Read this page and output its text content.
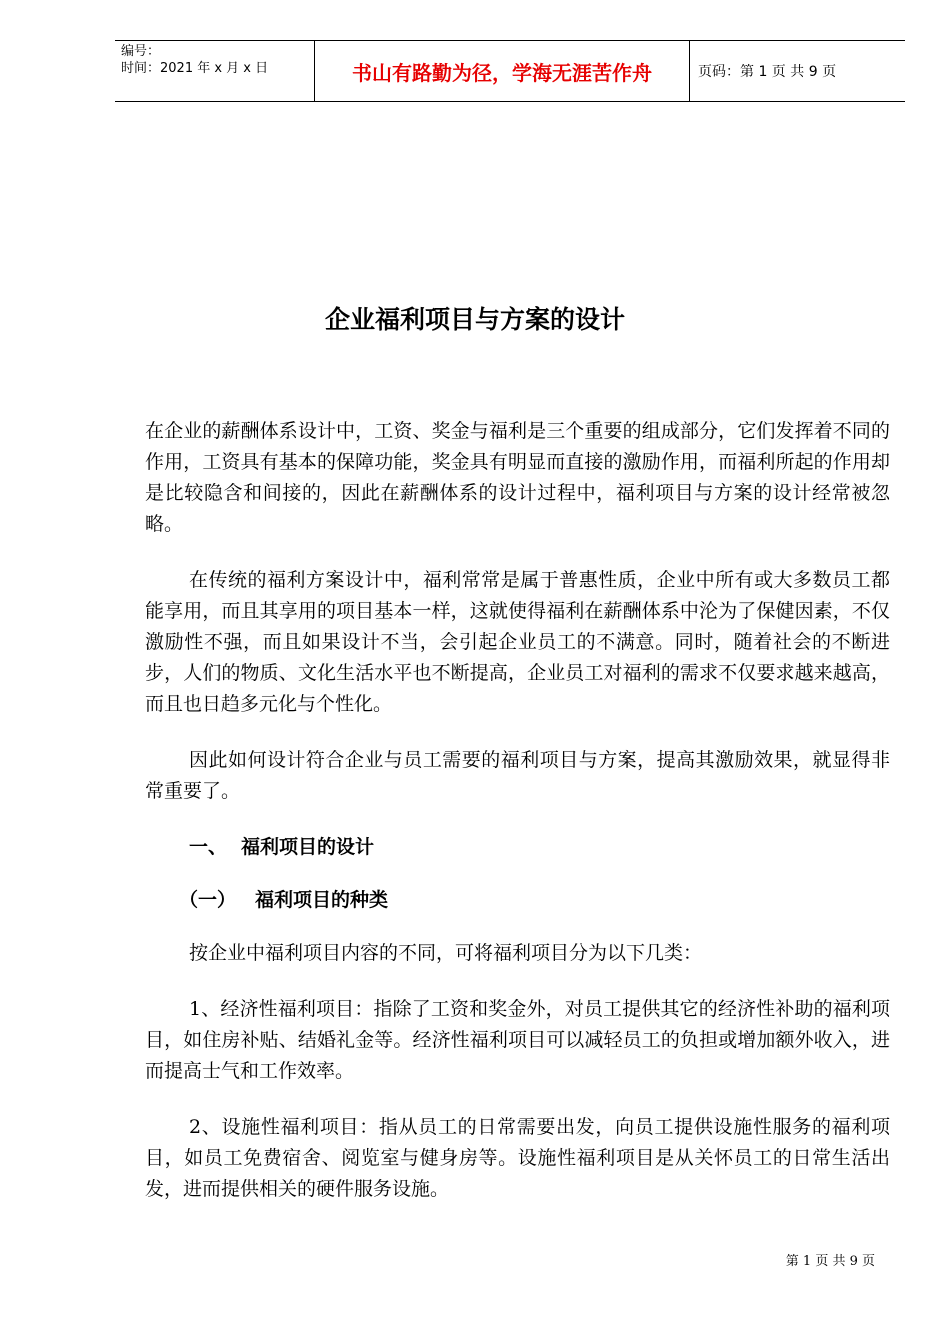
编号：
时间：2021 年 x 月 x 日	书山有路勤为径，学海无涯苦作舟	页码：第 1 页 共 9 页
企业福利项目与方案的设计

在企业的薪酬体系设计中，工资、奖金与福利是三个重要的组成部分，它们发挥着不同的作用，工资具有基本的保障功能，奖金具有明显而直接的激励作用，而福利所起的作用却是比较隐含和间接的，因此在薪酬体系的设计过程中，福利项目与方案的设计经常被忽略。

在传统的福利方案设计中，福利常常是属于普惠性质，企业中所有或大多数员工都能享用，而且其享用的项目基本一样，这就使得福利在薪酬体系中沦为了保健因素，不仅激励性不强，而且如果设计不当，会引起企业员工的不满意。同时，随着社会的不断进步，人们的物质、文化生活水平也不断提高，企业员工对福利的需求不仅要求越来越高，而且也日趋多元化与个性化。

因此如何设计符合企业与员工需要的福利项目与方案，提高其激励效果，就显得非常重要了。

一、 福利项目的设计
（一） 福利项目的种类

按企业中福利项目内容的不同，可将福利项目分为以下几类：

1、经济性福利项目：指除了工资和奖金外，对员工提供其它的经济性补助的福利项目，如住房补贴、结婚礼金等。经济性福利项目可以减轻员工的负担或增加额外收入，进而提高士气和工作效率。

2、设施性福利项目：指从员工的日常需要出发，向员工提供设施性服务的福利项目，如员工免费宿舍、阅览室与健身房等。设施性福利项目是从关怀员工的日常生活出发，进而提供相关的硬件服务设施。

第 1 页 共 9 页
